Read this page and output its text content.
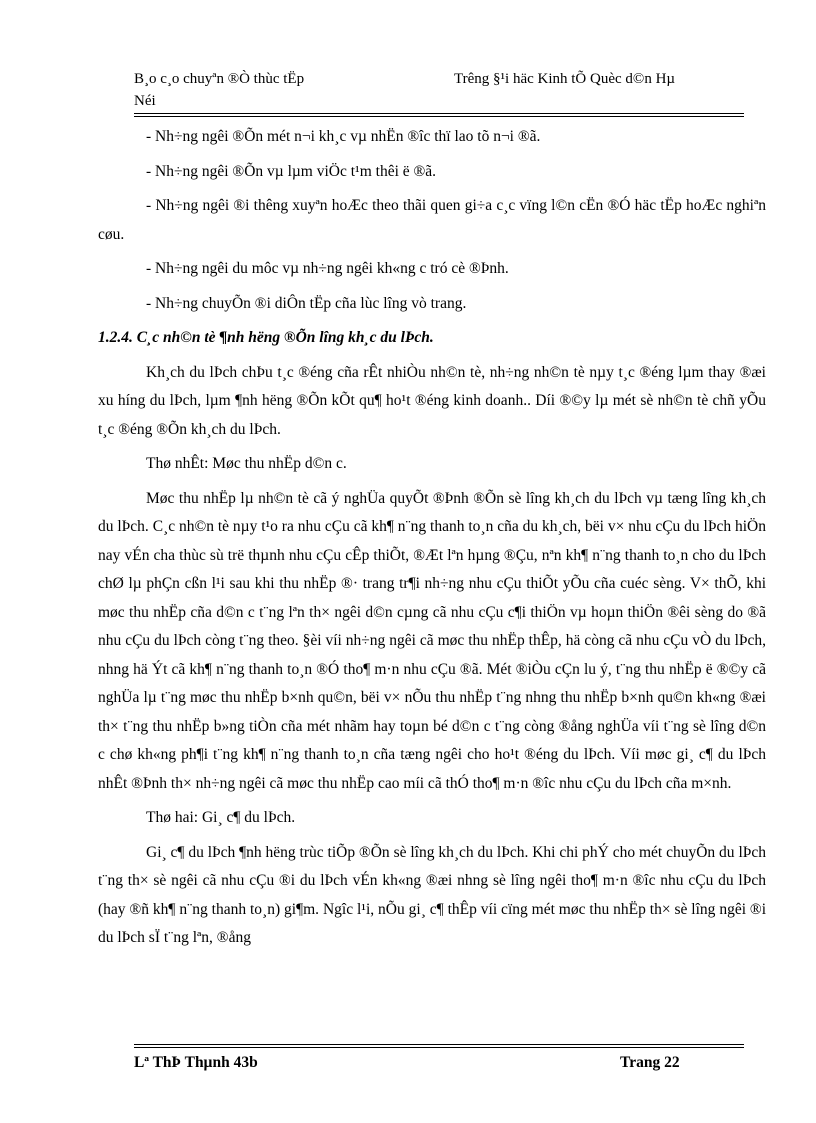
B¸o c¸o chuyªn ®Ò thùc tËp
Néi
Trêng §¹i häc Kinh tÕ Quèc d©n Hµ

- Nh÷ng ngêi ®Õn mét n¬i kh¸c vµ nhËn ®îc thï lao tõ n¬i ®ã.

- Nh÷ng ngêi ®Õn vµ lµm viÖc t¹m thêi ë ®ã.

- Nh÷ng ngêi ®i thêng xuyªn hoÆc theo thãi quen gi÷a c¸c vïng l©n cËn ®Ó häc tËp hoÆc nghiªn cøu.

- Nh÷ng ngêi du môc vµ nh÷ng ngêi kh«ng c tró cè ®Þnh.

- Nh÷ng chuyÕn ®i diÔn tËp cña lùc lîng vò trang.

1.2.4. C¸c nh©n tè ¶nh hëng ®Õn lîng kh¸c du lÞch.

Kh¸ch du lÞch chÞu t¸c ®éng cña rÊt nhiÒu nh©n tè, nh÷ng nh©n tè nµy t¸c ®éng lµm thay ®æi xu híng du lÞch, lµm ¶nh hëng ®Õn kÕt qu¶ ho¹t ®éng kinh doanh.. Díi ®©y lµ mét sè nh©n tè chñ yÕu t¸c ®éng ®Õn kh¸ch du lÞch.

Thø nhÊt: Møc thu nhËp d©n c.

Møc thu nhËp lµ nh©n tè cã ý nghÜa quyÕt ®Þnh ®Õn sè lîng kh¸ch du lÞch vµ tæng lîng kh¸ch du lÞch. C¸c nh©n tè nµy t¹o ra nhu cÇu cã kh¶ n¨ng thanh to¸n cña du kh¸ch, bëi v× nhu cÇu du lÞch hiÖn nay vÉn cha thùc sù trë thµnh nhu cÇu cÊp thiÕt, ®Æt lªn hµng ®Çu, nªn kh¶ n¨ng thanh to¸n cho du lÞch chØ lµ phÇn cßn l¹i sau khi thu nhËp ®· trang tr¶i nh÷ng nhu cÇu thiÕt yÕu cña cuéc sèng. V× thÕ, khi møc thu nhËp cña d©n c t¨ng lªn th× ngêi d©n cµng cã nhu cÇu c¶i thiÖn vµ hoµn thiÖn ®êi sèng do ®ã nhu cÇu du lÞch còng t¨ng theo. §èi víi nh÷ng ngêi cã møc thu nhËp thÊp, hä còng cã nhu cÇu vÒ du lÞch, nhng hä Ýt cã kh¶ n¨ng thanh to¸n ®Ó tho¶ m·n nhu cÇu ®ã. Mét ®iÒu cÇn lu ý, t¨ng thu nhËp ë ®©y cã nghÜa lµ t¨ng møc thu nhËp b×nh qu©n, bëi v× nÕu thu nhËp t¨ng nhng thu nhËp b×nh qu©n kh«ng ®æi th× t¨ng thu nhËp b»ng tiÒn cña mét nhãm hay toµn bé d©n c t¨ng còng ®ång nghÜa víi t¨ng sè lîng d©n c chø kh«ng ph¶i t¨ng kh¶ n¨ng thanh to¸n cña tæng ngêi cho ho¹t ®éng du lÞch. Víi møc gi¸ c¶ du lÞch nhÊt ®Þnh th× nh÷ng ngêi cã møc thu nhËp cao míi cã thÓ tho¶ m·n ®îc nhu cÇu du lÞch cña m×nh.

Thø hai: Gi¸ c¶ du lÞch.

Gi¸ c¶ du lÞch ¶nh hëng trùc tiÕp ®Õn sè lîng kh¸ch du lÞch. Khi chi phÝ cho mét chuyÕn du lÞch t¨ng th× sè ngêi cã nhu cÇu ®i du lÞch vÉn kh«ng ®æi nhng sè lîng ngêi tho¶ m·n ®îc nhu cÇu du lÞch (hay ®ñ kh¶ n¨ng thanh to¸n) gi¶m. Ngîc l¹i, nÕu gi¸ c¶ thÊp víi cïng mét møc thu nhËp th× sè lîng ngêi ®i du lÞch sÏ t¨ng lªn, ®ång

Lª ThÞ Thµnh 43b	Trang 22
